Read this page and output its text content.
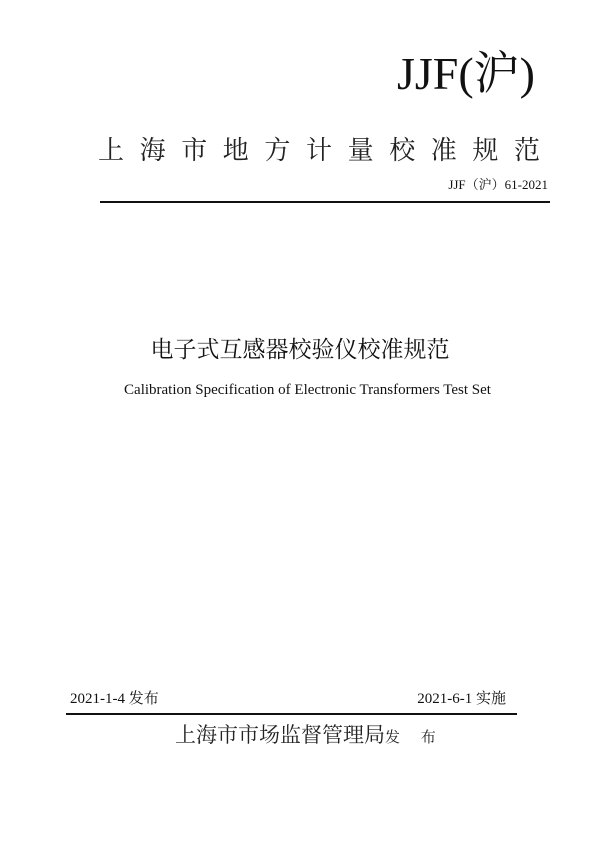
JJF(沪)
上海市地方计量校准规范
JJF（沪）61-2021
电子式互感器校验仪校准规范
Calibration Specification of Electronic Transformers Test Set
2021-1-4 发布	2021-6-1 实施
上海市市场监督管理局发 布
